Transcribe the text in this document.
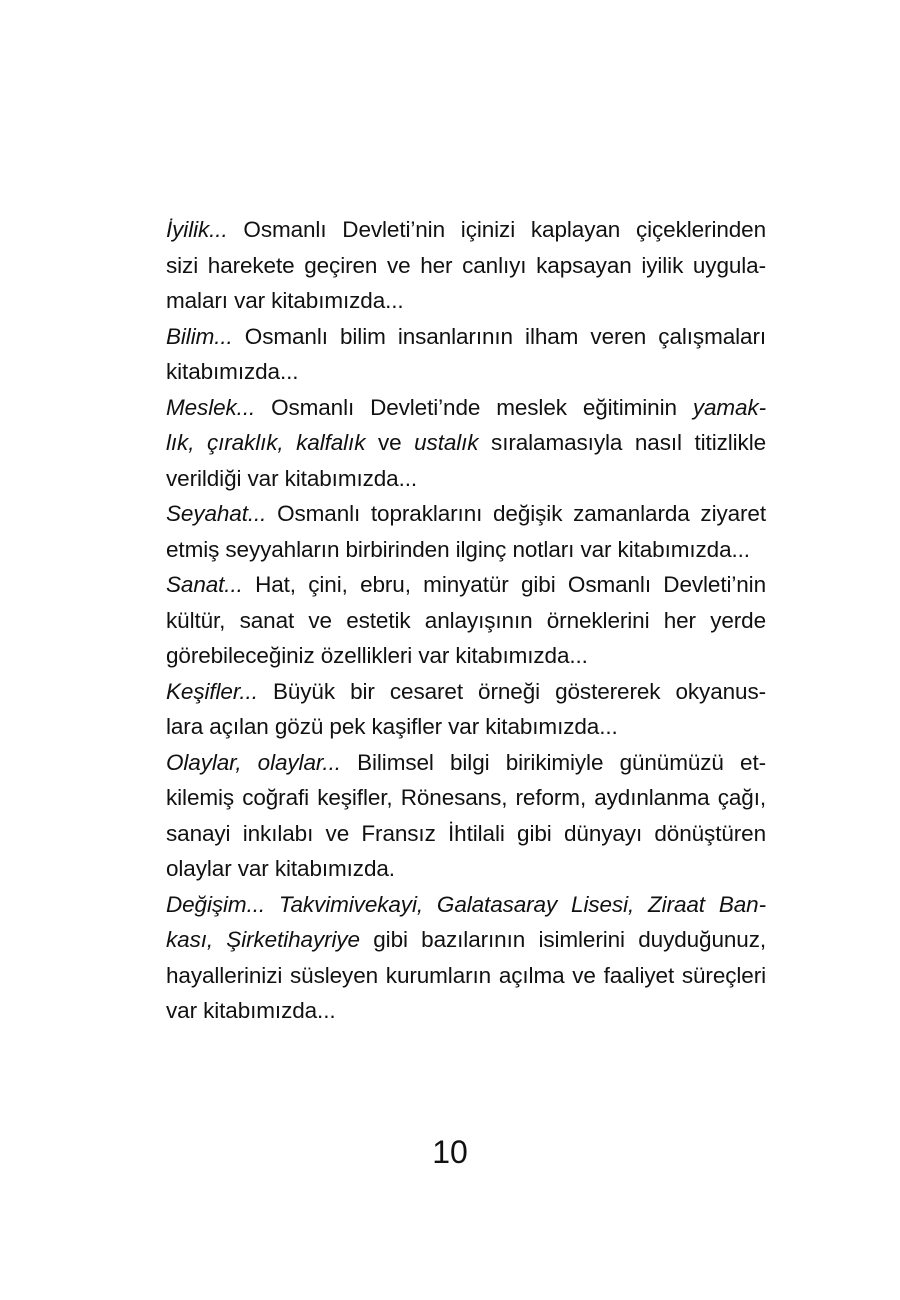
İyilik... Osmanlı Devleti’nin içinizi kaplayan çiçeklerinden
sizi harekete geçiren ve her canlıyı kapsayan iyilik uygula-
maları var kitabımızda...

Bilim... Osmanlı bilim insanlarının ilham veren çalışmaları
kitabımızda...

Meslek... Osmanlı Devleti’nde meslek eğitiminin yamak-
lık, çıraklık, kalfalık ve ustalık sıralamasıyla nasıl titizlikle
verildiği var kitabımızda...

Seyahat... Osmanlı topraklarını değişik zamanlarda ziyaret
etmiş seyyahların birbirinden ilginç notları var kitabımızda...

Sanat... Hat, çini, ebru, minyatür gibi Osmanlı Devleti’nin
kültür, sanat ve estetik anlayışının örneklerini her yerde
görebileceğiniz özellikleri var kitabımızda...

Keşifler... Büyük bir cesaret örneği göstererek okyanus-
lara açılan gözü pek kaşifler var kitabımızda...

Olaylar, olaylar... Bilimsel bilgi birikimiyle günümüzü et-
kilemiş coğrafi keşifler, Rönesans, reform, aydınlanma çağı,
sanayi inkılabı ve Fransız İhtilali gibi dünyayı dönüştüren
olaylar var kitabımızda.

Değişim... Takvimivekayi, Galatasaray Lisesi, Ziraat Ban-
kası, Şirketihayriye gibi bazılarının isimlerini duyduğunuz,
hayallerinizi süsleyen kurumların açılma ve faaliyet süreçleri
var kitabımızda...

10
